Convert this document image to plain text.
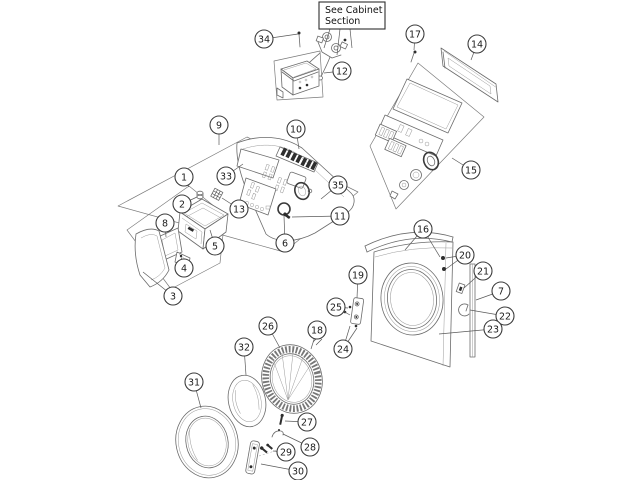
See Cabinet
Section
1
2
3
4
5	6
7
8
9	10
11
12
13
14
15
16
17
18
19
20
21
22
23
24
25
26
27
28
29
30
31
32
33
34
35
